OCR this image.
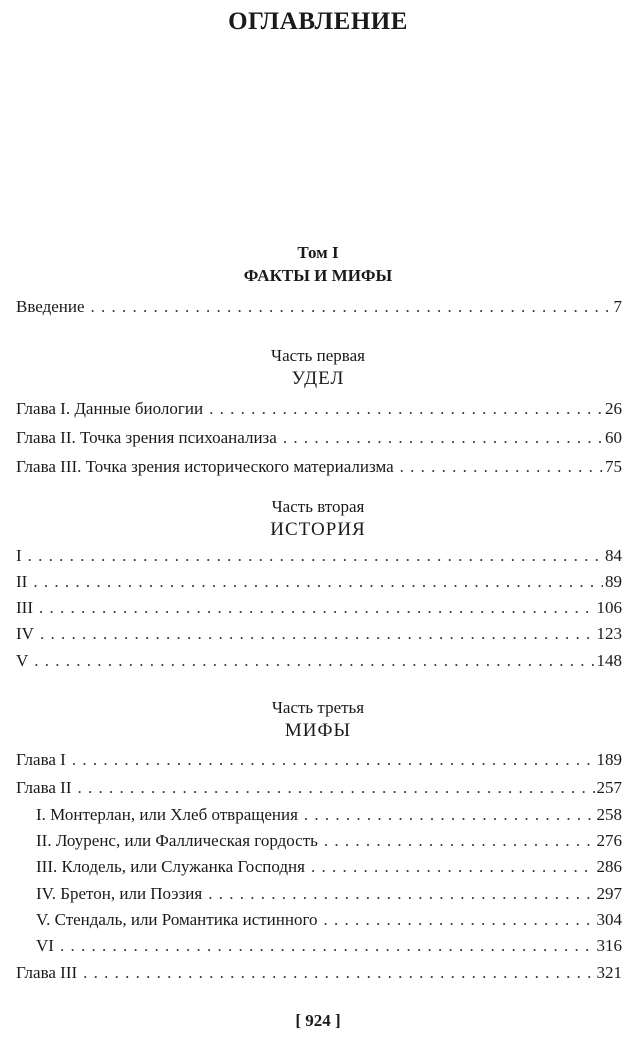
ОГЛАВЛЕНИЕ
Том I
ФАКТЫ И МИФЫ
Введение . . .	7
Часть первая
УДЕЛ
Глава I. Данные биологии . . .	26
Глава II. Точка зрения психоанализа . . .	60
Глава III. Точка зрения исторического материализма . . .	75
Часть вторая
ИСТОРИЯ
I . . .	84
II . . .	89
III . . .	106
IV . . .	123
V . . .	148
Часть третья
МИФЫ
Глава I . . .	189
Глава II . . .	257
I. Монтерлан, или Хлеб отвращения . . .	258
II. Лоуренс, или Фаллическая гордость . . .	276
III. Клодель, или Служанка Господня . . .	286
IV. Бретон, или Поэзия . . .	297
V. Стендаль, или Романтика истинного . . .	304
VI . . .	316
Глава III . . .	321
[ 924 ]
